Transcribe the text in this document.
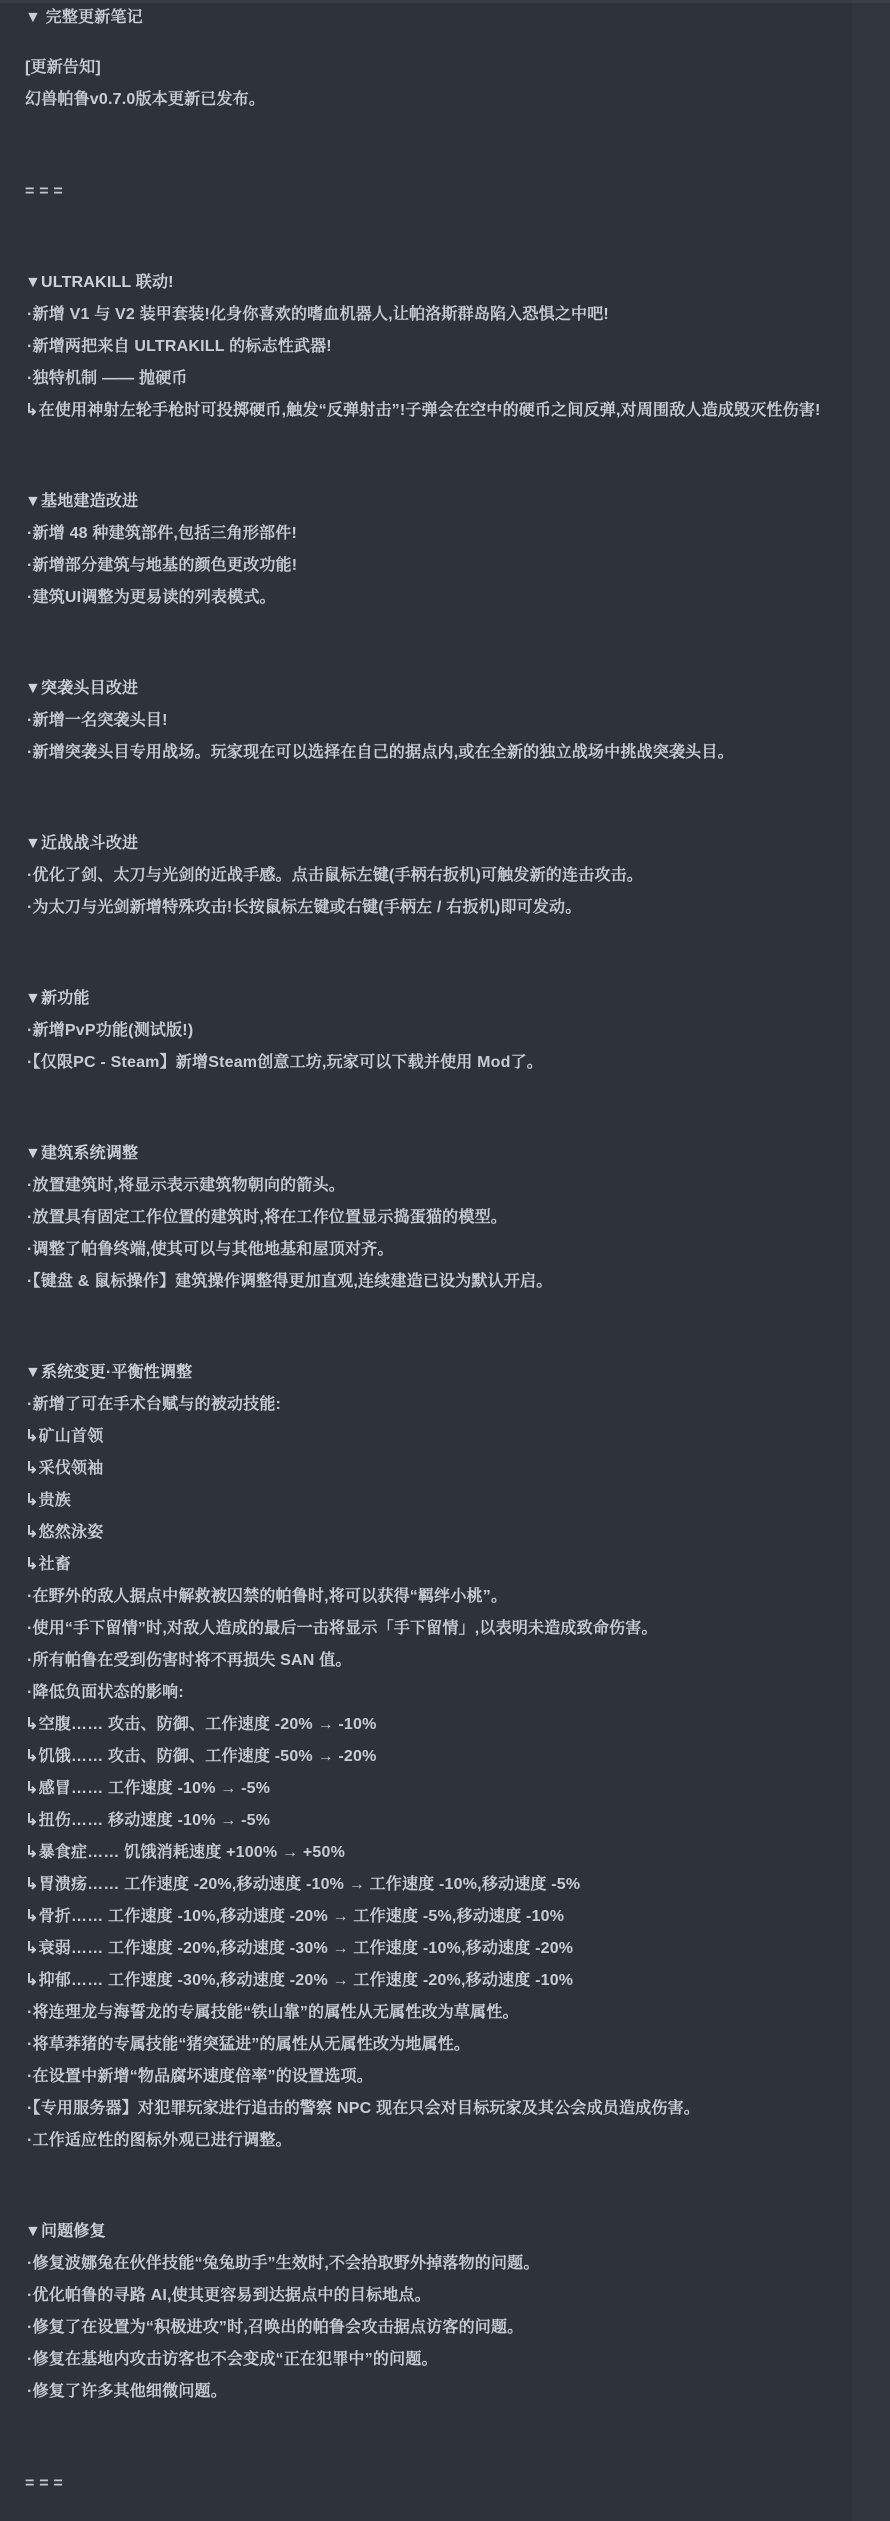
▼ 完整更新笔记
[更新告知]
幻兽帕鲁v0.7.0版本更新已发布。
= = =
▼ULTRAKILL 联动!
·新增 V1 与 V2 装甲套装!化身你喜欢的嗜血机器人,让帕洛斯群岛陷入恐惧之中吧!
·新增两把来自 ULTRAKILL 的标志性武器!
·独特机制 —— 抛硬币
↳在使用神射左轮手枪时可投掷硬币,触发“反弹射击”!子弹会在空中的硬币之间反弹,对周围敌人造成毁灭性伤害!
▼基地建造改进
·新增 48 种建筑部件,包括三角形部件!
·新增部分建筑与地基的颜色更改功能!
·建筑UI调整为更易读的列表模式。
▼突袭头目改进
·新增一名突袭头目!
·新增突袭头目专用战场。玩家现在可以选择在自己的据点内,或在全新的独立战场中挑战突袭头目。
▼近战战斗改进
·优化了剑、太刀与光剑的近战手感。点击鼠标左键(手柄右扳机)可触发新的连击攻击。
·为太刀与光剑新增特殊攻击!长按鼠标左键或右键(手柄左 / 右扳机)即可发动。
▼新功能
·新增PvP功能(测试版!)
·【仅限PC - Steam】新增Steam创意工坊,玩家可以下载并使用 Mod了。
▼建筑系统调整
·放置建筑时,将显示表示建筑物朝向的箭头。
·放置具有固定工作位置的建筑时,将在工作位置显示捣蛋猫的模型。
·调整了帕鲁终端,使其可以与其他地基和屋顶对齐。
·【键盘 & 鼠标操作】建筑操作调整得更加直观,连续建造已设为默认开启。
▼系统变更·平衡性调整
·新增了可在手术台赋与的被动技能:
↳矿山首领
↳采伐领袖
↳贵族
↳悠然泳姿
↳社畜
·在野外的敌人据点中解救被囚禁的帕鲁时,将可以获得“羁绊小桃”。
·使用“手下留情”时,对敌人造成的最后一击将显示「手下留情」,以表明未造成致命伤害。
·所有帕鲁在受到伤害时将不再损失 SAN 值。
·降低负面状态的影响:
↳空腹…… 攻击、防御、工作速度 -20% → -10%
↳饥饿…… 攻击、防御、工作速度 -50% → -20%
↳感冒…… 工作速度 -10% → -5%
↳扭伤…… 移动速度 -10% → -5%
↳暴食症…… 饥饿消耗速度 +100% → +50%
↳胃溃疡…… 工作速度 -20%,移动速度 -10% → 工作速度 -10%,移动速度 -5%
↳骨折…… 工作速度 -10%,移动速度 -20% → 工作速度 -5%,移动速度 -10%
↳衰弱…… 工作速度 -20%,移动速度 -30% → 工作速度 -10%,移动速度 -20%
↳抑郁…… 工作速度 -30%,移动速度 -20% → 工作速度 -20%,移动速度 -10%
·将连理龙与海誓龙的专属技能“铁山靠”的属性从无属性改为草属性。
·将草莽猪的专属技能“猪突猛进”的属性从无属性改为地属性。
·在设置中新增“物品腐坏速度倍率”的设置选项。
·【专用服务器】对犯罪玩家进行追击的警察 NPC 现在只会对目标玩家及其公会成员造成伤害。
·工作适应性的图标外观已进行调整。
▼问题修复
·修复波娜兔在伙伴技能“兔兔助手”生效时,不会拾取野外掉落物的问题。
·优化帕鲁的寻路 AI,使其更容易到达据点中的目标地点。
·修复了在设置为“积极进攻”时,召唤出的帕鲁会攻击据点访客的问题。
·修复在基地内攻击访客也不会变成“正在犯罪中”的问题。
·修复了许多其他细微问题。
= = =
